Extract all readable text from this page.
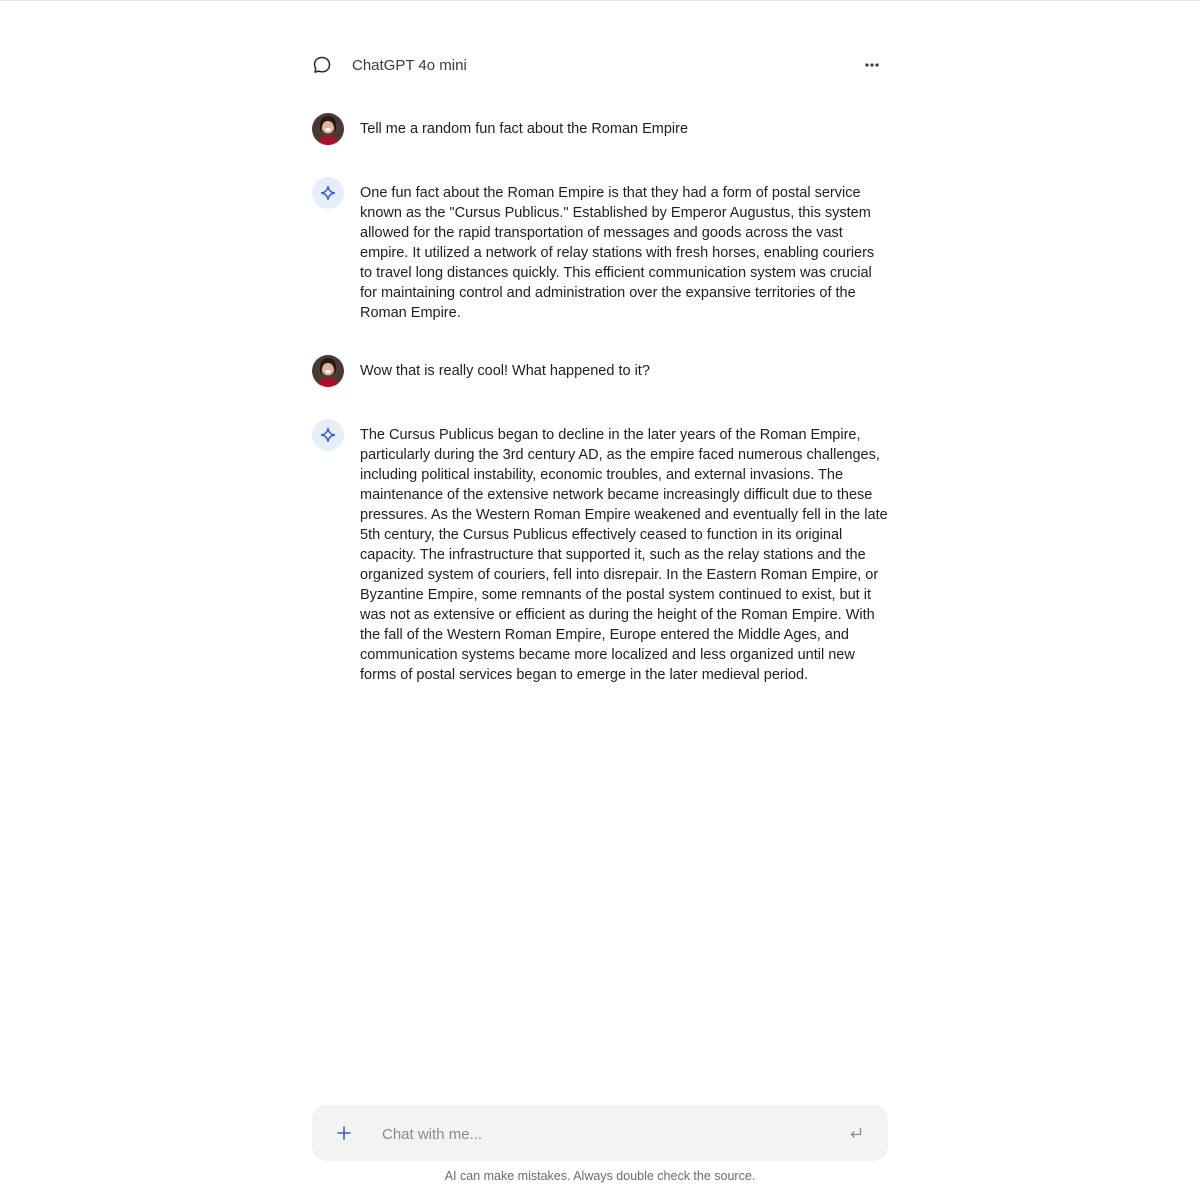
ChatGPT 4o mini
Tell me a random fun fact about the Roman Empire
One fun fact about the Roman Empire is that they had a form of postal service known as the "Cursus Publicus." Established by Emperor Augustus, this system allowed for the rapid transportation of messages and goods across the vast empire. It utilized a network of relay stations with fresh horses, enabling couriers to travel long distances quickly. This efficient communication system was crucial for maintaining control and administration over the expansive territories of the Roman Empire.
Wow that is really cool! What happened to it?
The Cursus Publicus began to decline in the later years of the Roman Empire, particularly during the 3rd century AD, as the empire faced numerous challenges, including political instability, economic troubles, and external invasions. The maintenance of the extensive network became increasingly difficult due to these pressures. As the Western Roman Empire weakened and eventually fell in the late 5th century, the Cursus Publicus effectively ceased to function in its original capacity. The infrastructure that supported it, such as the relay stations and the organized system of couriers, fell into disrepair. In the Eastern Roman Empire, or Byzantine Empire, some remnants of the postal system continued to exist, but it was not as extensive or efficient as during the height of the Roman Empire. With the fall of the Western Roman Empire, Europe entered the Middle Ages, and communication systems became more localized and less organized until new forms of postal services began to emerge in the later medieval period.
Chat with me...
AI can make mistakes. Always double check the source.
